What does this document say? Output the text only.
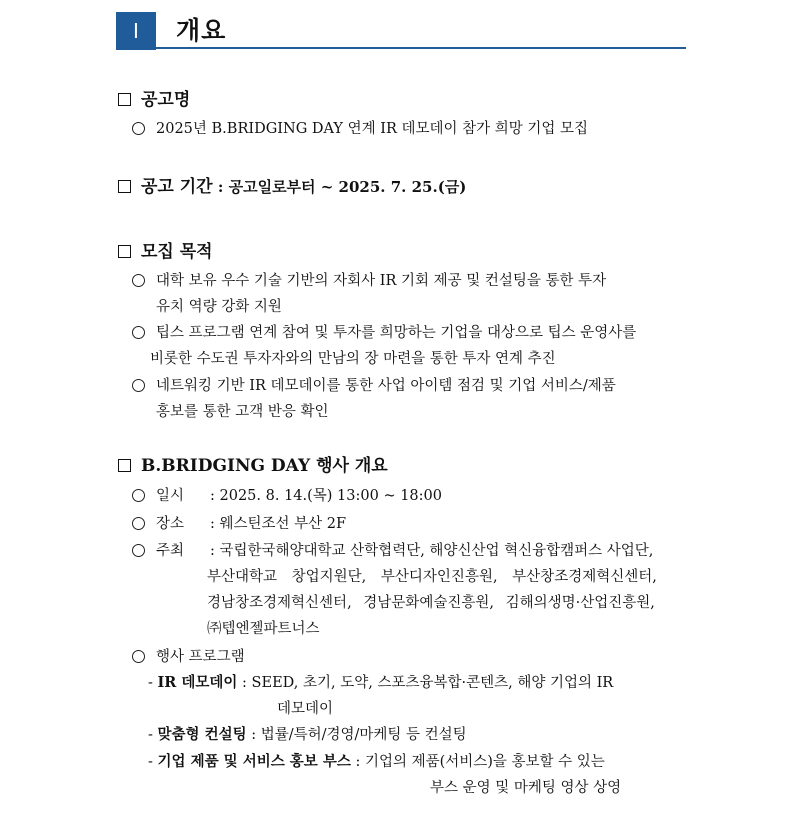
Ⅰ	개요
공고명
2025년 B.BRIDGING DAY 연계 IR 데모데이 참가 희망 기업 모집
공고 기간 : 공고일로부터 ~ 2025. 7. 25.(금)
모집 목적
대학 보유 우수 기술 기반의 자회사 IR 기회 제공 및 컨설팅을 통한 투자
유치 역량 강화 지원
팁스 프로그램 연계 참여 및 투자를 희망하는 기업을 대상으로 팁스 운영사를
비롯한 수도권 투자자와의 만남의 장 마련을 통한 투자 연계 추진
네트워킹 기반 IR 데모데이를 통한 사업 아이템 점검 및 기업 서비스/제품
홍보를 통한 고객 반응 확인
B.BRIDGING DAY 행사 개요
일시 : 2025. 8. 14.(목) 13:00 ~ 18:00
장소 : 웨스틴조선 부산 2F
주최 : 국립한국해양대학교 산학협력단, 해양신산업 혁신융합캠퍼스 사업단,
부산대학교 창업지원단, 부산디자인진흥원, 부산창조경제혁신센터,
경남창조경제혁신센터, 경남문화예술진흥원, 김해의생명·산업진흥원,
㈜텝엔젤파트너스
행사 프로그램
- IR 데모데이 : SEED, 초기, 도약, 스포츠융복합·콘텐츠, 해양 기업의 IR
데모데이
- 맞춤형 컨설팅 : 법률/특허/경영/마케팅 등 컨설팅
- 기업 제품 및 서비스 홍보 부스 : 기업의 제품(서비스)을 홍보할 수 있는
부스 운영 및 마케팅 영상 상영
